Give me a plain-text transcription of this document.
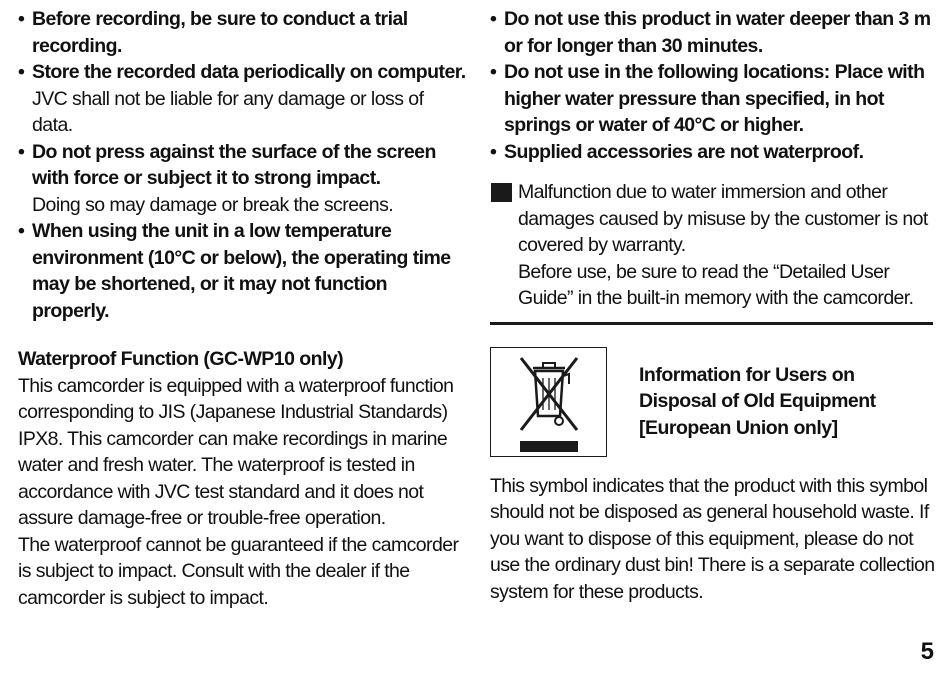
• Before recording, be sure to conduct a trial recording.
• Store the recorded data periodically on computer.
JVC shall not be liable for any damage or loss of data.
• Do not press against the surface of the screen with force or subject it to strong impact.
Doing so may damage or break the screens.
• When using the unit in a low temperature environment (10°C or below), the operating time may be shortened, or it may not function properly.
Waterproof Function (GC-WP10 only)

This camcorder is equipped with a waterproof function corresponding to JIS (Japanese Industrial Standards) IPX8. This camcorder can make recordings in marine water and fresh water. The waterproof is tested in accordance with JVC test standard and it does not assure damage-free or trouble-free operation.

The waterproof cannot be guaranteed if the camcorder is subject to impact. Consult with the dealer if the camcorder is subject to impact.

• Do not use this product in water deeper than 3 m or for longer than 30 minutes.
• Do not use in the following locations: Place with higher water pressure than specified, in hot springs or water of 40°C or higher.
• Supplied accessories are not waterproof.

Malfunction due to water immersion and other damages caused by misuse by the customer is not covered by warranty.

Before use, be sure to read the “Detailed User Guide” in the built-in memory with the camcorder.

Information for Users on
Disposal of Old Equipment
[European Union only]

This symbol indicates that the product with this symbol should not be disposed as general household waste. If you want to dispose of this equipment, please do not use the ordinary dust bin! There is a separate collection system for these products.

5
